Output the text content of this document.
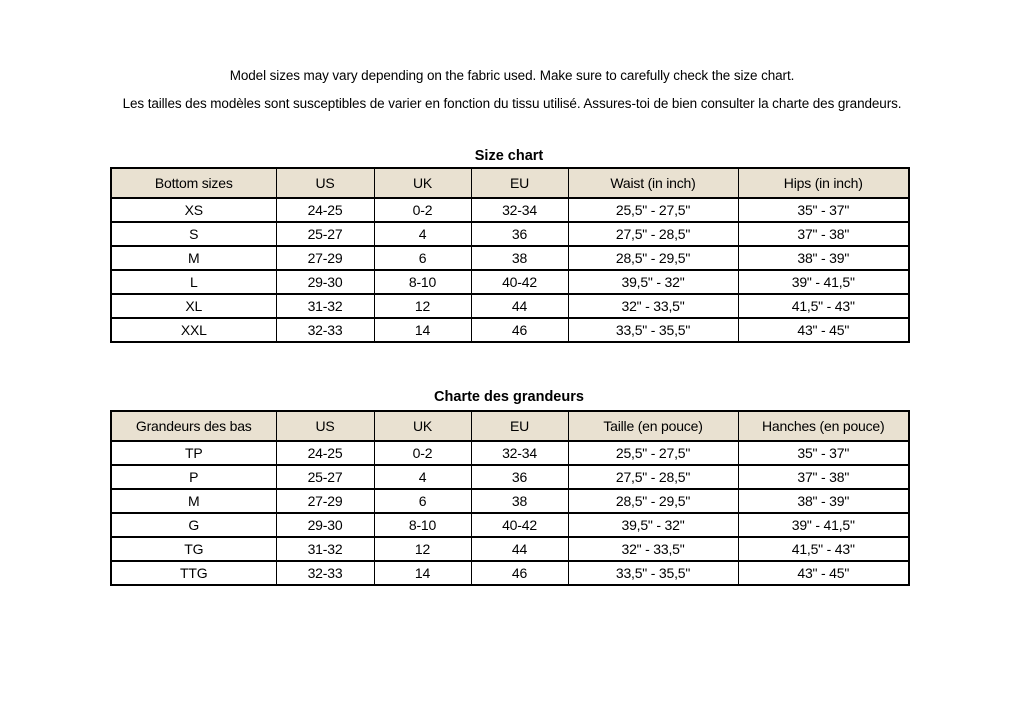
Model sizes may vary depending on the fabric used. Make sure to carefully check the size chart.

Les tailles des modèles sont susceptibles de varier en fonction du tissu utilisé. Assures-toi de bien consulter la charte des grandeurs.

Size chart
Bottom sizes	US	UK	EU	Waist (in inch)	Hips (in inch)
XS	24-25	0-2	32-34	25,5" - 27,5"	35" - 37"
S	25-27	4	36	27,5" - 28,5"	37" - 38"
M	27-29	6	38	28,5" - 29,5"	38" - 39"
L	29-30	8-10	40-42	39,5" - 32"	39" - 41,5"
XL	31-32	12	44	32" - 33,5"	41,5" - 43"
XXL	32-33	14	46	33,5" - 35,5"	43" - 45"
Charte des grandeurs
Grandeurs des bas	US	UK	EU	Taille (en pouce)	Hanches (en pouce)
TP	24-25	0-2	32-34	25,5" - 27,5"	35" - 37"
P	25-27	4	36	27,5" - 28,5"	37" - 38"
M	27-29	6	38	28,5" - 29,5"	38" - 39"
G	29-30	8-10	40-42	39,5" - 32"	39" - 41,5"
TG	31-32	12	44	32" - 33,5"	41,5" - 43"
TTG	32-33	14	46	33,5" - 35,5"	43" - 45"
